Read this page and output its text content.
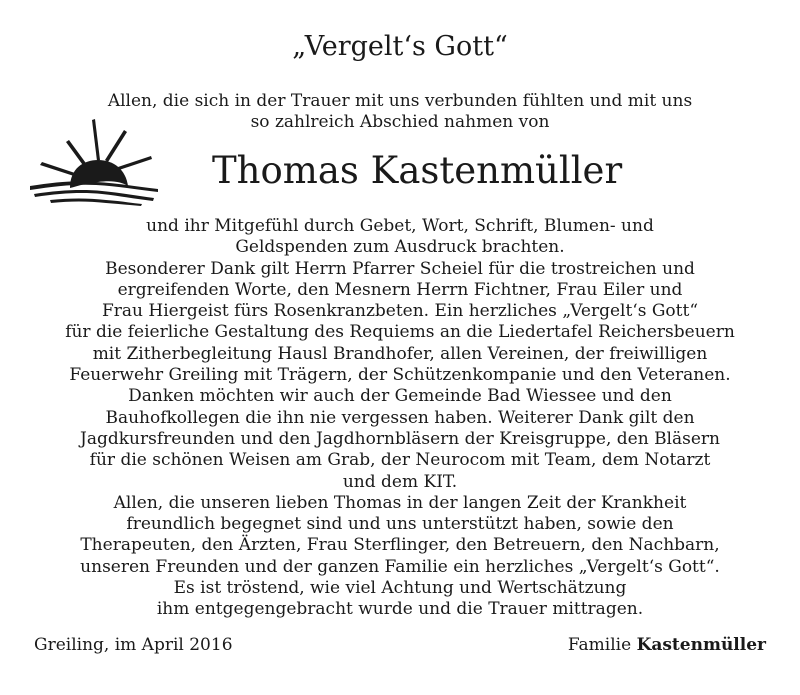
„Vergelt‘s Gott“
Allen, die sich in der Trauer mit uns verbunden fühlten und mit uns
so zahlreich Abschied nahmen von
Thomas Kastenmüller
und ihr Mitgefühl durch Gebet, Wort, Schrift, Blumen- und
Geldspenden zum Ausdruck brachten.
Besonderer Dank gilt Herrn Pfarrer Scheiel für die trostreichen und
ergreifenden Worte, den Mesnern Herrn Fichtner, Frau Eiler und
Frau Hiergeist fürs Rosenkranzbeten. Ein herzliches „Vergelt‘s Gott“
für die feierliche Gestaltung des Requiems an die Liedertafel Reichersbeuern
mit Zitherbegleitung Hausl Brandhofer, allen Vereinen, der freiwilligen
Feuerwehr Greiling mit Trägern, der Schützenkompanie und den Veteranen.
Danken möchten wir auch der Gemeinde Bad Wiessee und den
Bauhofkollegen die ihn nie vergessen haben. Weiterer Dank gilt den
Jagdkursfreunden und den Jagdhornbläsern der Kreisgruppe, den Bläsern
für die schönen Weisen am Grab, der Neurocom mit Team, dem Notarzt
und dem KIT.
Allen, die unseren lieben Thomas in der langen Zeit der Krankheit
freundlich begegnet sind und uns unterstützt haben, sowie den
Therapeuten, den Ärzten, Frau Sterflinger, den Betreuern, den Nachbarn,
unseren Freunden und der ganzen Familie ein herzliches „Vergelt‘s Gott“.
Es ist tröstend, wie viel Achtung und Wertschätzung
ihm entgegengebracht wurde und die Trauer mittragen.
Greiling, im April 2016	Familie Kastenmüller
